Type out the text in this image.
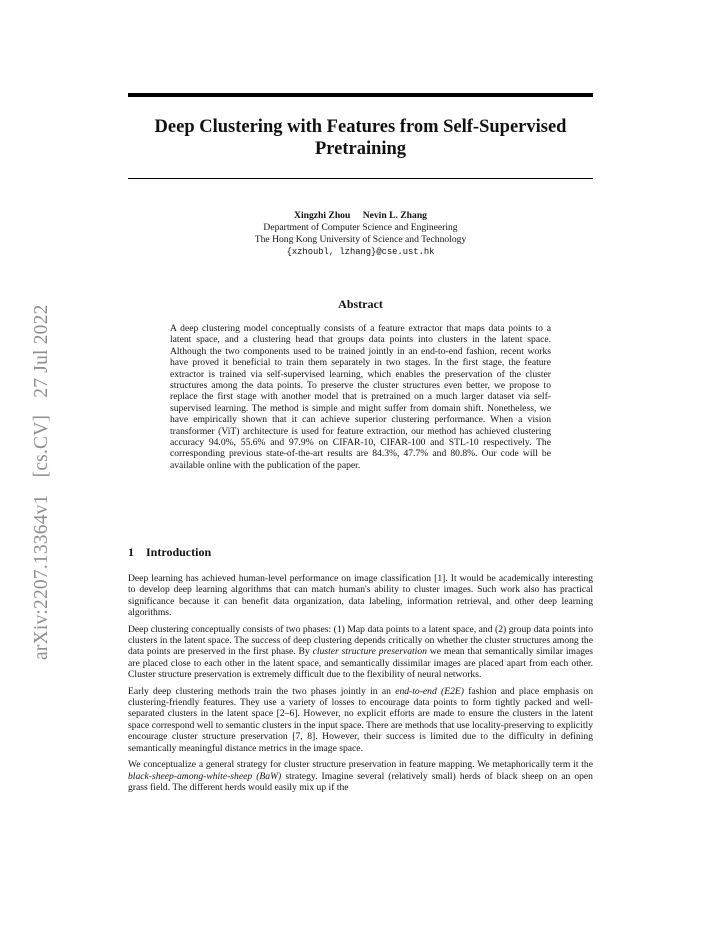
arXiv:2207.13364v1 [cs.CV] 27 Jul 2022
Deep Clustering with Features from Self-Supervised Pretraining
Xingzhi Zhou Nevin L. Zhang
Department of Computer Science and Engineering
The Hong Kong University of Science and Technology
{xzhoubl, lzhang}@cse.ust.hk
Abstract
A deep clustering model conceptually consists of a feature extractor that maps data points to a latent space, and a clustering head that groups data points into clusters in the latent space. Although the two components used to be trained jointly in an end-to-end fashion, recent works have proved it beneficial to train them separately in two stages. In the first stage, the feature extractor is trained via self-supervised learning, which enables the preservation of the cluster structures among the data points. To preserve the cluster structures even better, we propose to replace the first stage with another model that is pretrained on a much larger dataset via self-supervised learning. The method is simple and might suffer from domain shift. Nonetheless, we have empirically shown that it can achieve superior clustering performance. When a vision transformer (ViT) architecture is used for feature extraction, our method has achieved clustering accuracy 94.0%, 55.6% and 97.9% on CIFAR-10, CIFAR-100 and STL-10 respectively. The corresponding previous state-of-the-art results are 84.3%, 47.7% and 80.8%. Our code will be available online with the publication of the paper.
1 Introduction

Deep learning has achieved human-level performance on image classification [1]. It would be academically interesting to develop deep learning algorithms that can match human's ability to cluster images. Such work also has practical significance because it can benefit data organization, data labeling, information retrieval, and other deep learning algorithms.

Deep clustering conceptually consists of two phases: (1) Map data points to a latent space, and (2) group data points into clusters in the latent space. The success of deep clustering depends critically on whether the cluster structures among the data points are preserved in the first phase. By cluster structure preservation we mean that semantically similar images are placed close to each other in the latent space, and semantically dissimilar images are placed apart from each other. Cluster structure preservation is extremely difficult due to the flexibility of neural networks.

Early deep clustering methods train the two phases jointly in an end-to-end (E2E) fashion and place emphasis on clustering-friendly features. They use a variety of losses to encourage data points to form tightly packed and well-separated clusters in the latent space [2–6]. However, no explicit efforts are made to ensure the clusters in the latent space correspond well to semantic clusters in the input space. There are methods that use locality-preserving to explicitly encourage cluster structure preservation [7, 8]. However, their success is limited due to the difficulty in defining semantically meaningful distance metrics in the image space.

We conceptualize a general strategy for cluster structure preservation in feature mapping. We metaphorically term it the black-sheep-among-white-sheep (BaW) strategy. Imagine several (relatively small) herds of black sheep on an open grass field. The different herds would easily mix up if the
